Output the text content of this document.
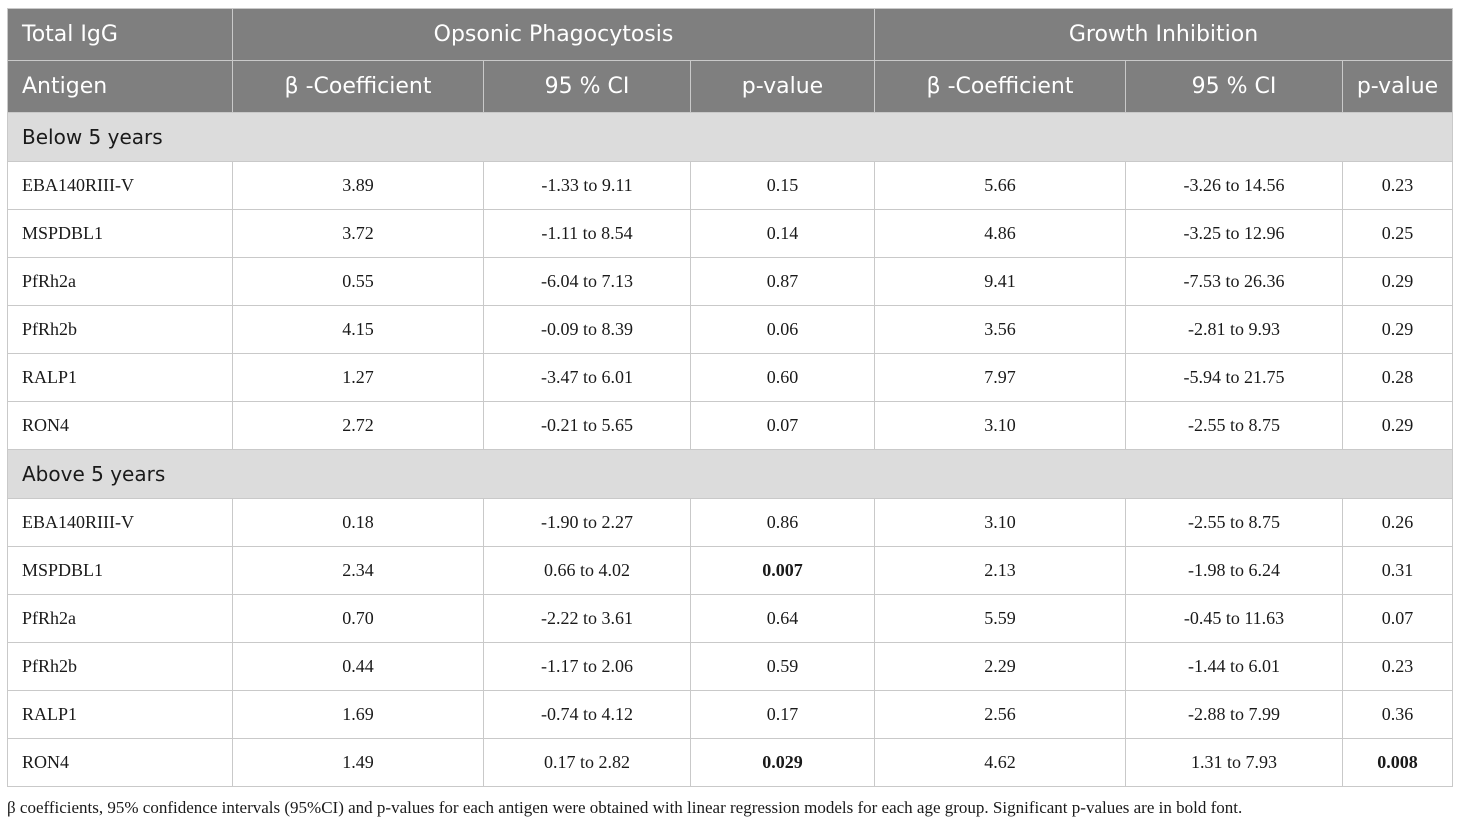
Total IgG	Opsonic Phagocytosis			Growth Inhibition		
Antigen	β -Coefficient	95 % CI	p-value	β -Coefficient	95 % CI	p-value
Below 5 years						
EBA140RIII-V	3.89	-1.33 to 9.11	0.15	5.66	-3.26 to 14.56	0.23
MSPDBL1	3.72	-1.11 to 8.54	0.14	4.86	-3.25 to 12.96	0.25
PfRh2a	0.55	-6.04 to 7.13	0.87	9.41	-7.53 to 26.36	0.29
PfRh2b	4.15	-0.09 to 8.39	0.06	3.56	-2.81 to 9.93	0.29
RALP1	1.27	-3.47 to 6.01	0.60	7.97	-5.94 to 21.75	0.28
RON4	2.72	-0.21 to 5.65	0.07	3.10	-2.55 to 8.75	0.29
Above 5 years						
EBA140RIII-V	0.18	-1.90 to 2.27	0.86	3.10	-2.55 to 8.75	0.26
MSPDBL1	2.34	0.66 to 4.02	0.007	2.13	-1.98 to 6.24	0.31
PfRh2a	0.70	-2.22 to 3.61	0.64	5.59	-0.45 to 11.63	0.07
PfRh2b	0.44	-1.17 to 2.06	0.59	2.29	-1.44 to 6.01	0.23
RALP1	1.69	-0.74 to 4.12	0.17	2.56	-2.88 to 7.99	0.36
RON4	1.49	0.17 to 2.82	0.029	4.62	1.31 to 7.93	0.008
β coefficients, 95% confidence intervals (95%CI) and p-values for each antigen were obtained with linear regression models for each age group. Significant p-values are in bold font.
